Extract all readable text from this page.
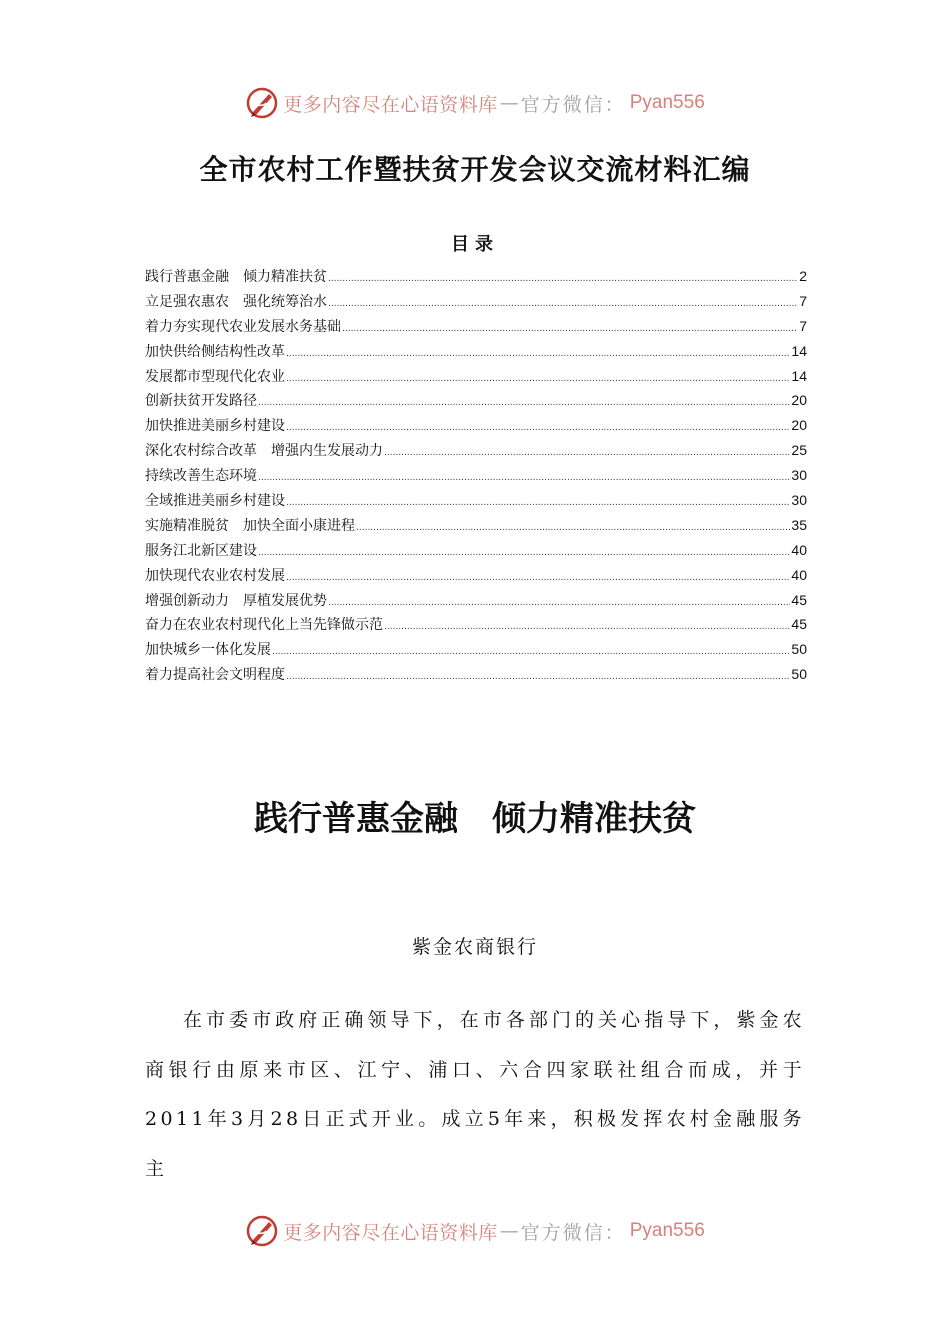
更多内容尽在心语资料库 — 官方微信： Pyan556
全市农村工作暨扶贫开发会议交流材料汇编
目录
践行普惠金融　倾力精准扶贫 .....	2
立足强农惠农　强化统筹治水 .....	7
着力夯实现代农业发展水务基础 .....	7
加快供给侧结构性改革 .....	14
发展都市型现代化农业 .....	14
创新扶贫开发路径 .....	20
加快推进美丽乡村建设 .....	20
深化农村综合改革　增强内生发展动力 .....	25
持续改善生态环境 .....	30
全域推进美丽乡村建设 .....	30
实施精准脱贫　加快全面小康进程 .....	35
服务江北新区建设 .....	40
加快现代农业农村发展 .....	40
增强创新动力　厚植发展优势 .....	45
奋力在农业农村现代化上当先锋做示范 .....	45
加快城乡一体化发展 .....	50
着力提高社会文明程度 .....	50
践行普惠金融　倾力精准扶贫
紫金农商银行

在市委市政府正确领导下，在市各部门的关心指导下，紫金农商银行由原来市区、江宁、浦口、六合四家联社组合而成，并于2011年3月28日正式开业。成立5年来，积极发挥农村金融服务主

更多内容尽在心语资料库 — 官方微信： Pyan556
